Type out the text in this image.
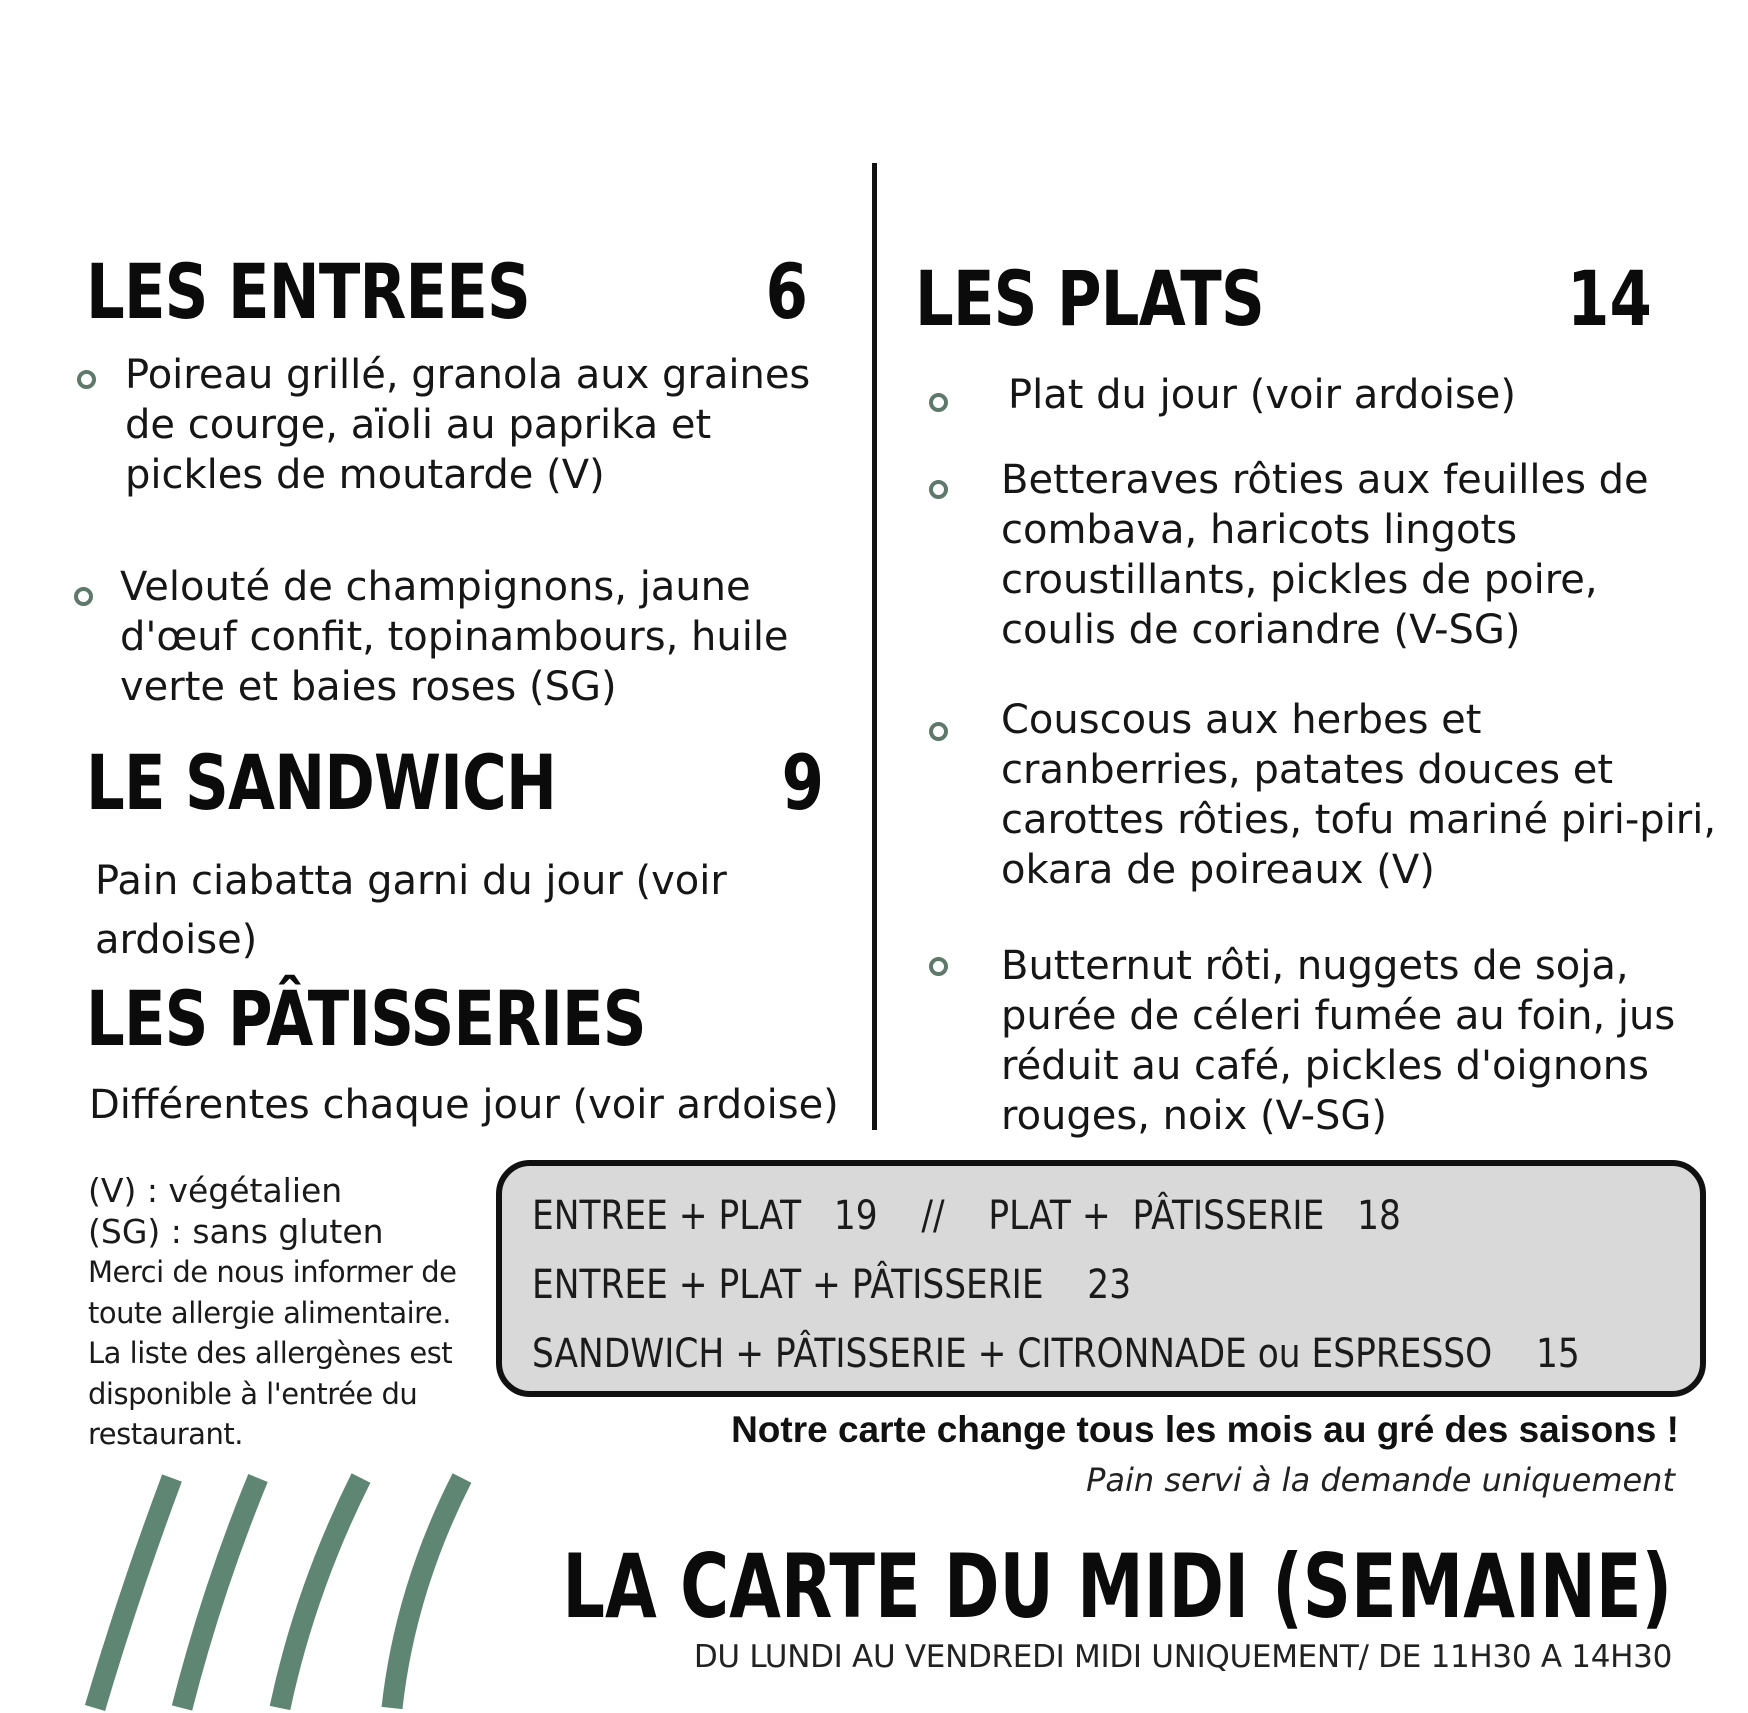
LES ENTREES	6
Poireau grillé, granola aux graines
de courge, aïoli au paprika et
pickles de moutarde (V)
Velouté de champignons, jaune
d'œuf confit, topinambours, huile
verte et baies roses (SG)
LE SANDWICH	9
Pain ciabatta garni du jour (voir
ardoise)
LES PÂTISSERIES
Différentes chaque jour (voir ardoise)
LES PLATS	14
Plat du jour (voir ardoise)
Betteraves rôties aux feuilles de
combava, haricots lingots
croustillants, pickles de poire,
coulis de coriandre (V-SG)
Couscous aux herbes et
cranberries, patates douces et
carottes rôties, tofu mariné piri-piri,
okara de poireaux (V)
Butternut rôti, nuggets de soja,
purée de céleri fumée au foin, jus
réduit au café, pickles d'oignons
rouges, noix (V-SG)
(V) : végétalien
(SG) : sans gluten
Merci de nous informer de
toute allergie alimentaire.
La liste des allergènes est
disponible à l'entrée du
restaurant.
ENTREE + PLAT   19    //    PLAT +  PÂTISSERIE   18
ENTREE + PLAT + PÂTISSERIE    23
SANDWICH + PÂTISSERIE + CITRONNADE ou ESPRESSO    15
Notre carte change tous les mois au gré des saisons !
Pain servi à la demande uniquement
LA CARTE DU MIDI (SEMAINE)
DU LUNDI AU VENDREDI MIDI UNIQUEMENT/ DE 11H30 A 14H30
